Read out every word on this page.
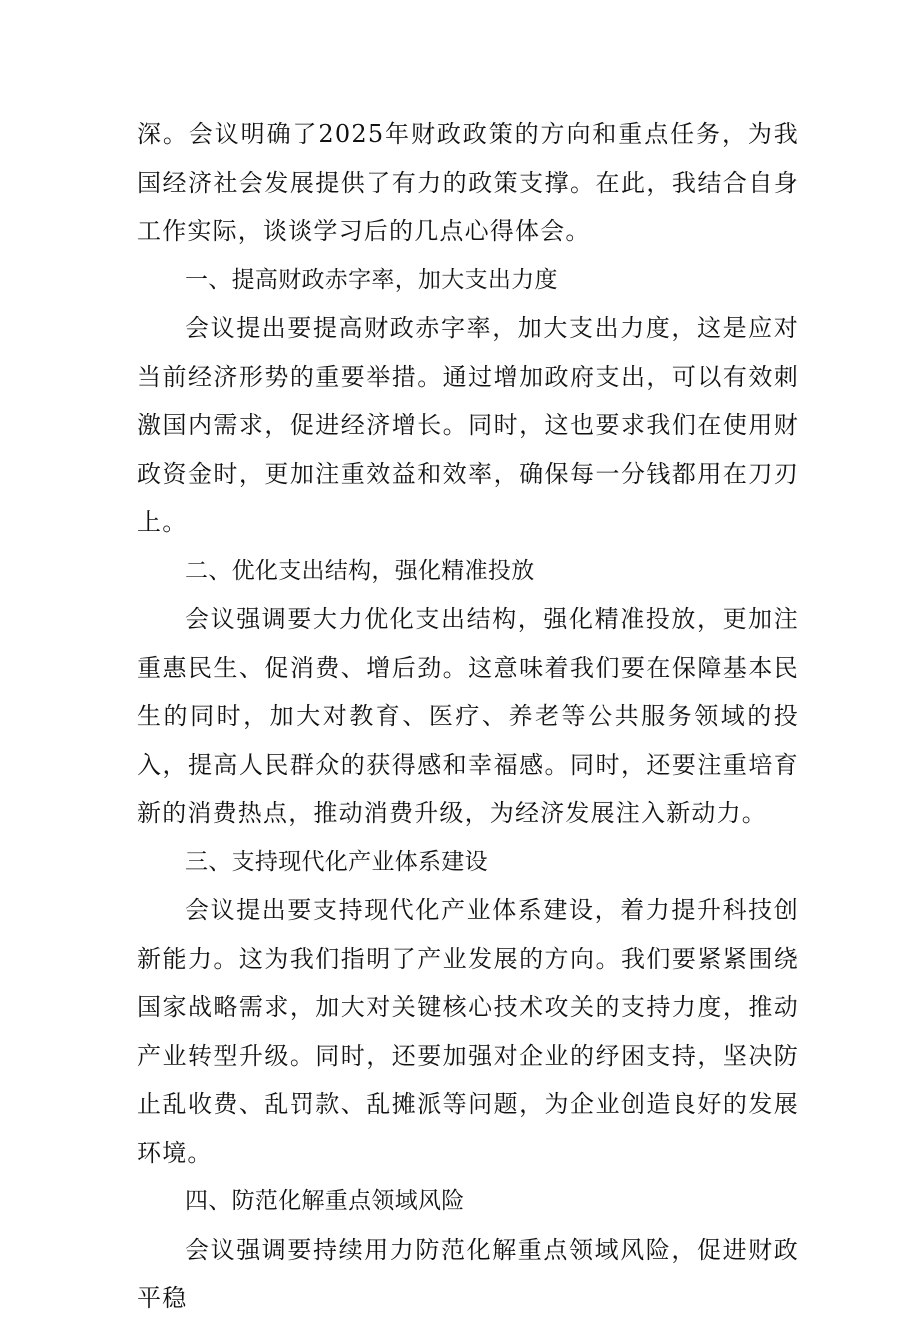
深。会议明确了2025年财政政策的方向和重点任务，为我国经济社会发展提供了有力的政策支撑。在此，我结合自身工作实际，谈谈学习后的几点心得体会。

一、提高财政赤字率，加大支出力度

会议提出要提高财政赤字率，加大支出力度，这是应对当前经济形势的重要举措。通过增加政府支出，可以有效刺激国内需求，促进经济增长。同时，这也要求我们在使用财政资金时，更加注重效益和效率，确保每一分钱都用在刀刃上。

二、优化支出结构，强化精准投放

会议强调要大力优化支出结构，强化精准投放，更加注重惠民生、促消费、增后劲。这意味着我们要在保障基本民生的同时，加大对教育、医疗、养老等公共服务领域的投入，提高人民群众的获得感和幸福感。同时，还要注重培育新的消费热点，推动消费升级，为经济发展注入新动力。

三、支持现代化产业体系建设

会议提出要支持现代化产业体系建设，着力提升科技创新能力。这为我们指明了产业发展的方向。我们要紧紧围绕国家战略需求，加大对关键核心技术攻关的支持力度，推动产业转型升级。同时，还要加强对企业的纾困支持，坚决防止乱收费、乱罚款、乱摊派等问题，为企业创造良好的发展环境。

四、防范化解重点领域风险

会议强调要持续用力防范化解重点领域风险，促进财政平稳
